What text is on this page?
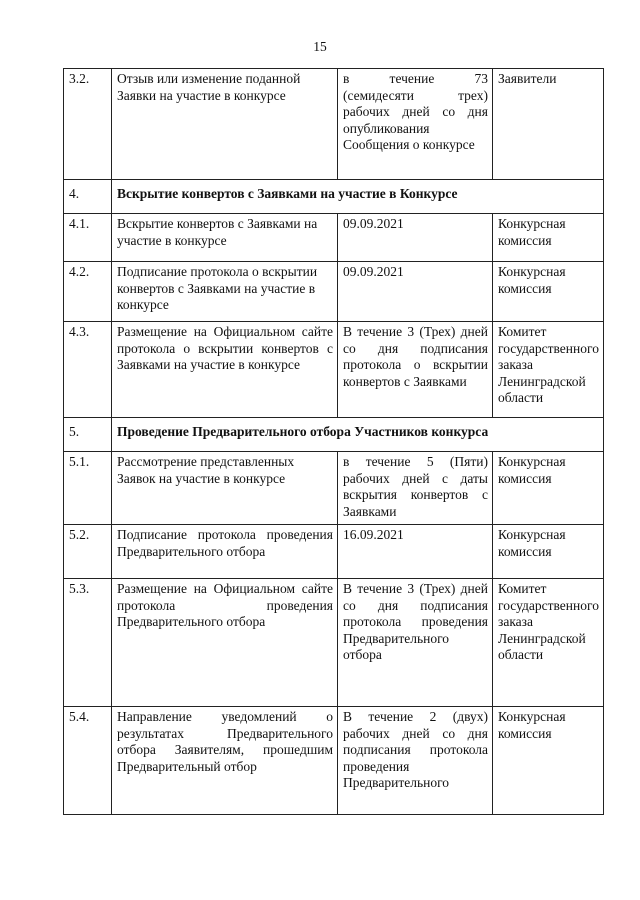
15
3.2.	Отзыв или изменение поданной Заявки на участие в конкурсе	в течение 73 (семидесяти трех) рабочих дней со дня опубликования Сообщения о конкурсе	Заявители
4.	Вскрытие конвертов с Заявками на участие в Конкурсе		
4.1.	Вскрытие конвертов с Заявками на участие в конкурсе	09.09.2021	Конкурсная комиссия
4.2.	Подписание протокола о вскрытии конвертов с Заявками на участие в конкурсе	09.09.2021	Конкурсная комиссия
4.3.	Размещение на Официальном сайте протокола о вскрытии конвертов с Заявками на участие в конкурсе	В течение 3 (Трех) дней со дня подписания протокола о вскрытии конвертов с Заявками	Комитет государственного заказа Ленинградской области
5.	Проведение Предварительного отбора Участников конкурса		
5.1.	Рассмотрение представленных Заявок на участие в конкурсе	в течение 5 (Пяти) рабочих дней с даты вскрытия конвертов с Заявками	Конкурсная комиссия
5.2.	Подписание протокола проведения Предварительного отбора	16.09.2021	Конкурсная комиссия
5.3.	Размещение на Официальном сайте протокола проведения Предварительного отбора	В течение 3 (Трех) дней со дня подписания протокола проведения Предварительного отбора	Комитет государственного заказа Ленинградской области
5.4.	Направление уведомлений о результатах Предварительного отбора Заявителям, прошедшим Предварительный отбор	В течение 2 (двух) рабочих дней со дня подписания протокола проведения Предварительного	Конкурсная комиссия
